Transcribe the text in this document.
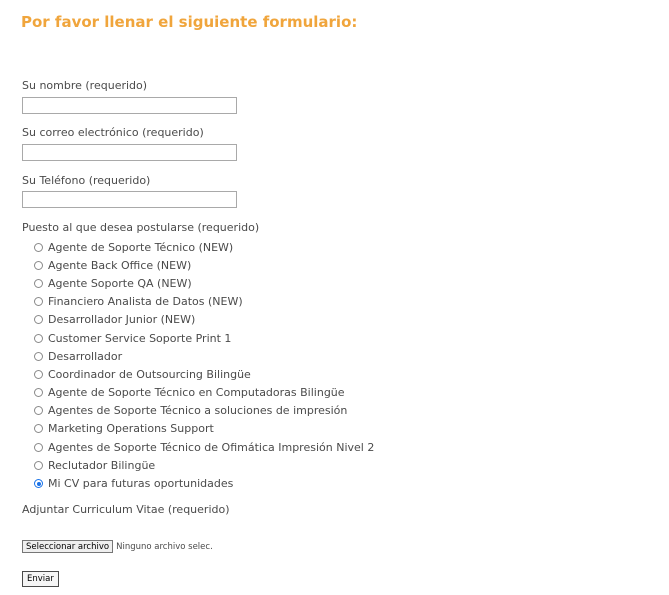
Por favor llenar el siguiente formulario:
Su nombre (requerido)
Su correo electrónico (requerido)
Su Teléfono (requerido)
Puesto al que desea postularse (requerido)
Agente de Soporte Técnico (NEW)
Agente Back Office (NEW)
Agente Soporte QA (NEW)
Financiero Analista de Datos (NEW)
Desarrollador Junior (NEW)
Customer Service Soporte Print 1
Desarrollador
Coordinador de Outsourcing Bilingüe
Agente de Soporte Técnico en Computadoras Bilingüe
Agentes de Soporte Técnico a soluciones de impresión
Marketing Operations Support
Agentes de Soporte Técnico de Ofimática Impresión Nivel 2
Reclutador Bilingüe
Mi CV para futuras oportunidades
Adjuntar Curriculum Vitae (requerido)
Seleccionar archivo Ninguno archivo selec.
Enviar
